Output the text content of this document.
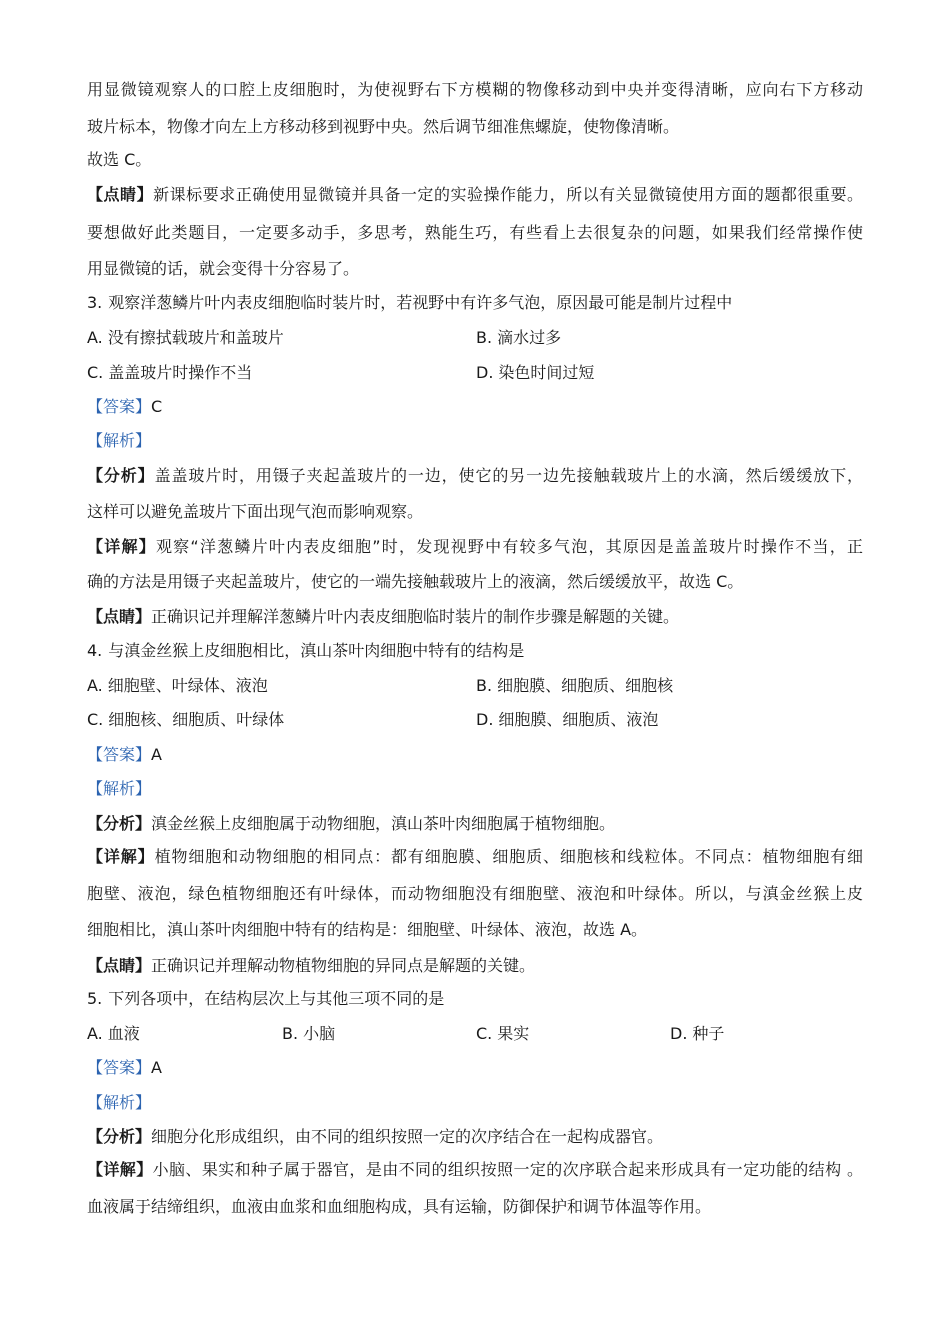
用显微镜观察人的口腔上皮细胞时，为使视野右下方模糊的物像移动到中央并变得清晰，应向右下方移动
玻片标本，物像才向左上方移动移到视野中央。然后调节细准焦螺旋，使物像清晰。
故选 C。
【点睛】新课标要求正确使用显微镜并具备一定的实验操作能力，所以有关显微镜使用方面的题都很重要。
要想做好此类题目，一定要多动手，多思考，熟能生巧，有些看上去很复杂的问题，如果我们经常操作使
用显微镜的话，就会变得十分容易了。
3. 观察洋葱鳞片叶内表皮细胞临时装片时，若视野中有许多气泡，原因最可能是制片过程中
A. 没有擦拭载玻片和盖玻片	B. 滴水过多
C. 盖盖玻片时操作不当	D. 染色时间过短
【答案】C
【解析】
【分析】盖盖玻片时，用镊子夹起盖玻片的一边，使它的另一边先接触载玻片上的水滴，然后缓缓放下，
这样可以避免盖玻片下面出现气泡而影响观察。
【详解】观察“洋葱鳞片叶内表皮细胞”时，发现视野中有较多气泡，其原因是盖盖玻片时操作不当，正
确的方法是用镊子夹起盖玻片，使它的一端先接触载玻片上的液滴，然后缓缓放平，故选 C。
【点睛】正确识记并理解洋葱鳞片叶内表皮细胞临时装片的制作步骤是解题的关键。
4. 与滇金丝猴上皮细胞相比，滇山茶叶肉细胞中特有的结构是
A. 细胞壁、叶绿体、液泡	B. 细胞膜、细胞质、细胞核
C. 细胞核、细胞质、叶绿体	D. 细胞膜、细胞质、液泡
【答案】A
【解析】
【分析】滇金丝猴上皮细胞属于动物细胞，滇山茶叶肉细胞属于植物细胞。
【详解】植物细胞和动物细胞的相同点：都有细胞膜、细胞质、细胞核和线粒体。不同点：植物细胞有细
胞壁、液泡，绿色植物细胞还有叶绿体，而动物细胞没有细胞壁、液泡和叶绿体。所以，与滇金丝猴上皮
细胞相比，滇山茶叶肉细胞中特有的结构是：细胞壁、叶绿体、液泡，故选 A。
【点睛】正确识记并理解动物植物细胞的异同点是解题的关键。
5. 下列各项中，在结构层次上与其他三项不同的是
A. 血液	B. 小脑	C. 果实	D. 种子
【答案】A
【解析】
【分析】细胞分化形成组织，由不同的组织按照一定的次序结合在一起构成器官。
【详解】小脑、果实和种子属于器官，是由不同的组织按照一定的次序联合起来形成具有一定功能的结构 。
血液属于结缔组织，血液由血浆和血细胞构成，具有运输，防御保护和调节体温等作用。
